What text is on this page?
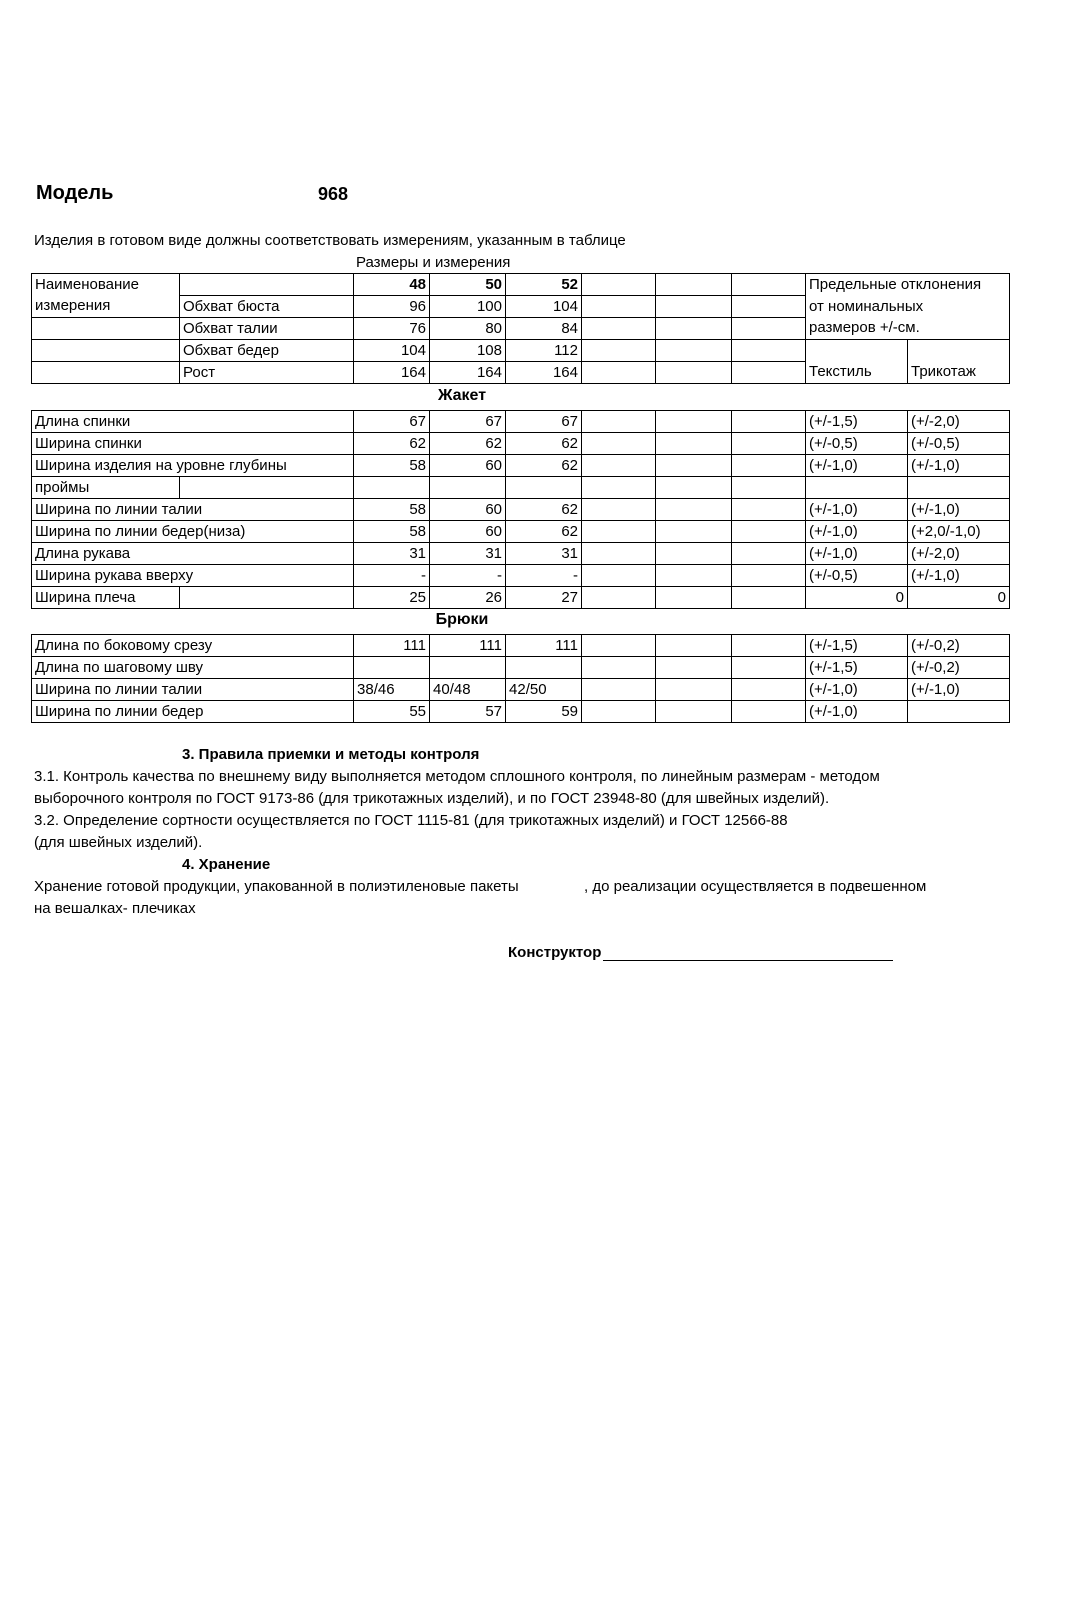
Модель	968
Изделия в готовом виде должны соответствовать измерениям, указанным в таблице
Размеры и измерения
Наименование		48	50	52				Предельные отклонения	
измерения	Обхват бюста	96	100	104				от номинальных	
	Обхват талии	76	80	84				размеров +/-см.	
	Обхват бедер	104	108	112					
	Рост	164	164	164				Текстиль	Трикотаж
Жакет
Длина спинки		67	67	67				(+/-1,5)	(+/-2,0)
Ширина спинки		62	62	62				(+/-0,5)	(+/-0,5)
Ширина изделия на уровне глубины		58	60	62				(+/-1,0)	(+/-1,0)
проймы									
Ширина по линии талии		58	60	62				(+/-1,0)	(+/-1,0)
Ширина по линии бедер(низа)		58	60	62				(+/-1,0)	(+2,0/-1,0)
Длина рукава		31	31	31				(+/-1,0)	(+/-2,0)
Ширина рукава вверху		-	-	-				(+/-0,5)	(+/-1,0)
Ширина плеча		25	26	27				0	0
Брюки
Длина по боковому срезу	111	111	111				(+/-1,5)	(+/-0,2)
Длина по шаговому шву							(+/-1,5)	(+/-0,2)
Ширина по линии талии	38/46	40/48	42/50				(+/-1,0)	(+/-1,0)
Ширина по линии бедер	55	57	59				(+/-1,0)	
3. Правила приемки и методы контроля
3.1. Контроль качества по внешнему виду выполняется методом сплошного контроля, по линейным размерам - методом
выборочного контроля по ГОСТ 9173-86 (для трикотажных изделий), и по ГОСТ 23948-80 (для швейных изделий).
3.2. Определение сортности осуществляется по ГОСТ 1115-81 (для трикотажных изделий) и ГОСТ 12566-88
(для швейных изделий).
4. Хранение
Хранение готовой продукции, упакованной в полиэтиленовые пакеты	, до реализации осуществляется в подвешенном
на вешалках- плечиках
Конструктор
